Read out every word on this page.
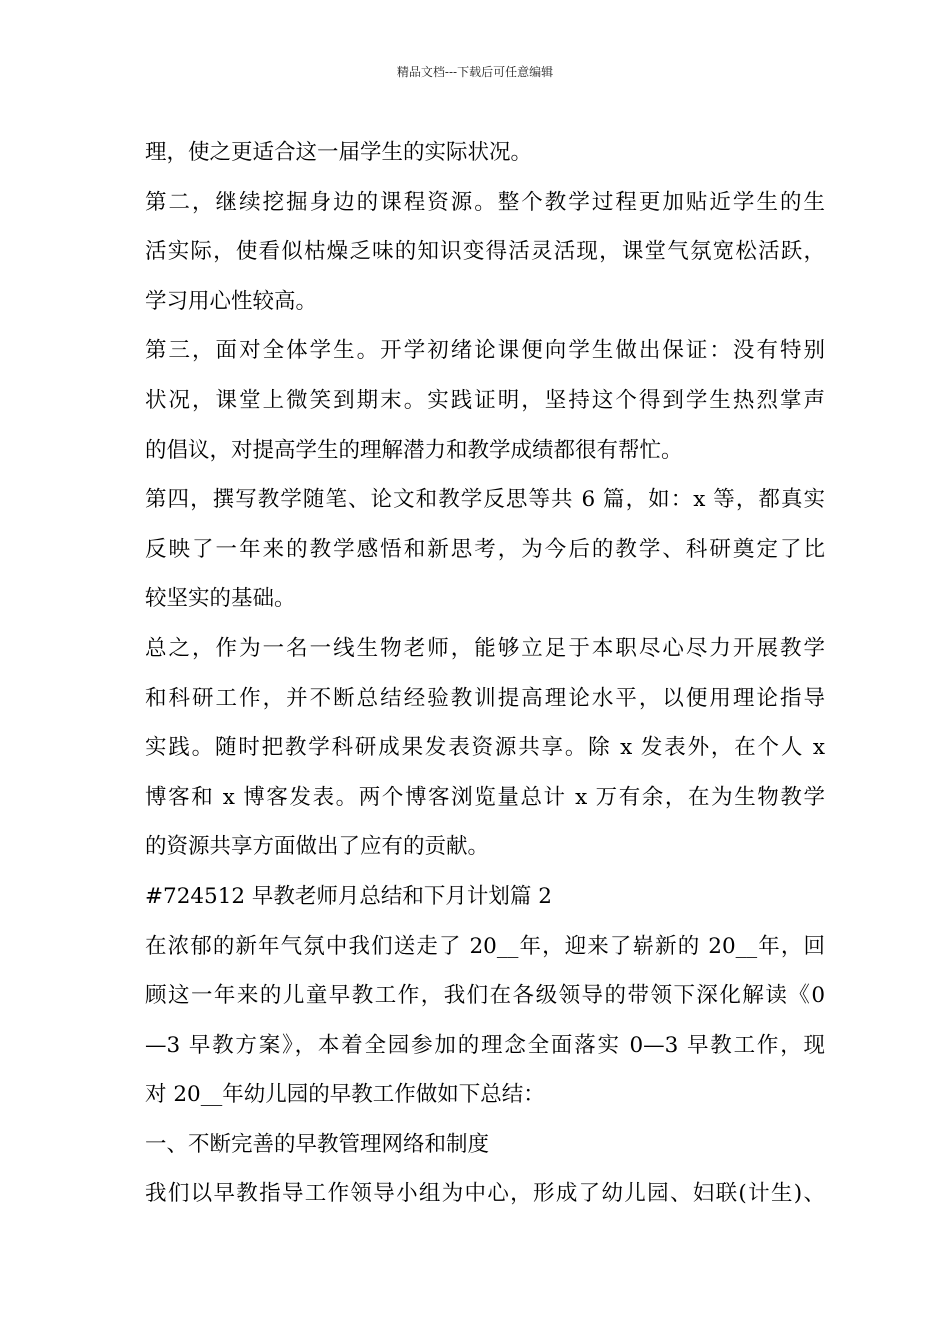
精品文档---下载后可任意编辑
理，使之更适合这一届学生的实际状况。
第二，继续挖掘身边的课程资源。整个教学过程更加贴近学生的生
活实际，使看似枯燥乏味的知识变得活灵活现，课堂气氛宽松活跃，
学习用心性较高。
第三，面对全体学生。开学初绪论课便向学生做出保证：没有特别
状况，课堂上微笑到期末。实践证明，坚持这个得到学生热烈掌声
的倡议，对提高学生的理解潜力和教学成绩都很有帮忙。
第四，撰写教学随笔、论文和教学反思等共 6 篇，如：x 等，都真实
反映了一年来的教学感悟和新思考，为今后的教学、科研奠定了比
较坚实的基础。
总之，作为一名一线生物老师，能够立足于本职尽心尽力开展教学
和科研工作，并不断总结经验教训提高理论水平，以便用理论指导
实践。随时把教学科研成果发表资源共享。除 x 发表外，在个人 x
博客和 x 博客发表。两个博客浏览量总计 x 万有余，在为生物教学
的资源共享方面做出了应有的贡献。
#724512 早教老师月总结和下月计划篇 2
在浓郁的新年气氛中我们送走了 20__年，迎来了崭新的 20__年，回
顾这一年来的儿童早教工作，我们在各级领导的带领下深化解读《0
—3 早教方案》，本着全园参加的理念全面落实 0—3 早教工作，现
对 20__年幼儿园的早教工作做如下总结：
一、不断完善的早教管理网络和制度
我们以早教指导工作领导小组为中心，形成了幼儿园、妇联(计生)、
